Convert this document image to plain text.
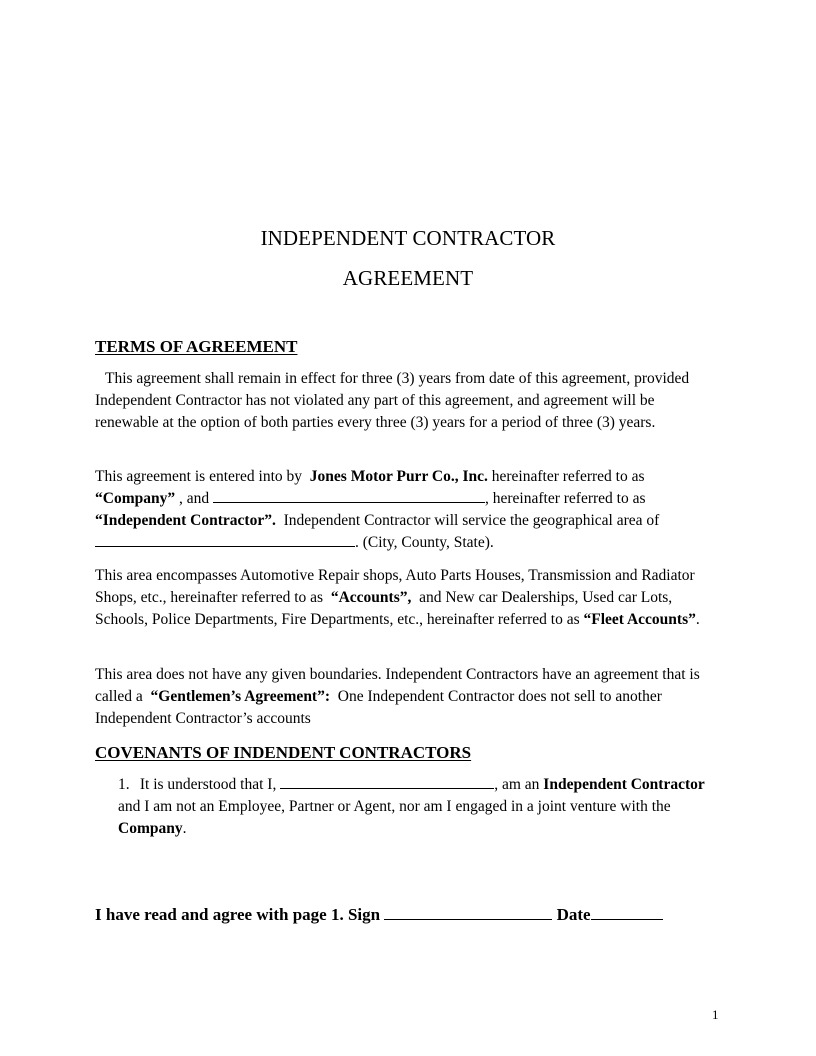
INDEPENDENT CONTRACTOR
AGREEMENT
TERMS OF AGREEMENT
This agreement shall remain in effect for three (3) years from date of this agreement, provided Independent Contractor has not violated any part of this agreement, and agreement will be renewable at the option of both parties every three (3) years for a period of three (3) years.
This agreement is entered into by Jones Motor Purr Co., Inc. hereinafter referred to as “Company” , and	, hereinafter referred to as “Independent Contractor”. Independent Contractor will service the geographical area of . (City, County, State).
This area encompasses Automotive Repair shops, Auto Parts Houses, Transmission and Radiator Shops, etc., hereinafter referred to as “Accounts”, and New car Dealerships, Used car Lots, Schools, Police Departments, Fire Departments, etc., hereinafter referred to as “Fleet Accounts”.
This area does not have any given boundaries. Independent Contractors have an agreement that is called a “Gentlemen’s Agreement”: One Independent Contractor does not sell to another Independent Contractor’s accounts
COVENANTS OF INDENDENT CONTRACTORS
1. It is understood that I,	, am an Independent Contractor and I am not an Employee, Partner or Agent, nor am I engaged in a joint venture with the  Company.
I have read and agree with page 1. Sign	Date
1
